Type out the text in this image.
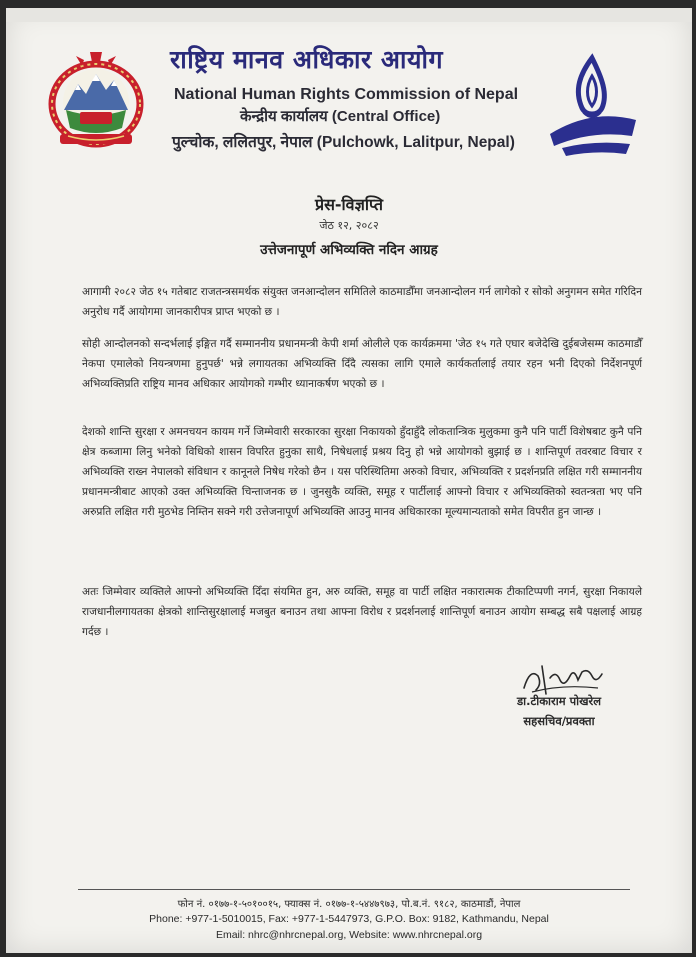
राष्ट्रिय मानव अधिकार आयोग
National Human Rights Commission of Nepal
केन्द्रीय कार्यालय (Central Office)
पुल्चोक, ललितपुर, नेपाल (Pulchowk, Lalitpur, Nepal)
प्रेस-विज्ञप्ति
जेठ १२, २०८२
उत्तेजनापूर्ण अभिव्यक्ति नदिन आग्रह

आगामी २०८२ जेठ १५ गतेबाट राजतन्त्रसमर्थक संयुक्त जनआन्दोलन समितिले काठमाडौँमा जनआन्दोलन गर्न लागेको र सोको अनुगमन समेत गरिदिन अनुरोध गर्दै आयोगमा जानकारीपत्र प्राप्त भएको छ ।

सोही आन्दोलनको सन्दर्भलाई इङ्गित गर्दै सम्माननीय प्रधानमन्त्री केपी शर्मा ओलीले एक कार्यक्रममा 'जेठ १५ गते एघार बजेदेखि दुईबजेसम्म काठमाडौँ नेकपा एमालेको नियन्त्रणमा हुनुपर्छ' भन्ने लगायतका अभिव्यक्ति दिँदै त्यसका लागि एमाले कार्यकर्तालाई तयार रहन भनी दिएको निर्देशनपूर्ण अभिव्यक्तिप्रति राष्ट्रिय मानव अधिकार आयोगको गम्भीर ध्यानाकर्षण भएको छ ।

देशको शान्ति सुरक्षा र अमनचयन कायम गर्ने जिम्मेवारी सरकारका सुरक्षा निकायको हुँदाहुँदै लोकतान्त्रिक मुलुकमा कुनै पनि पार्टी विशेषबाट कुनै पनि क्षेत्र कब्जामा लिनु भनेको विधिको शासन विपरित हुनुका साथै, निषेधलाई प्रश्रय दिनु हो भन्ने आयोगको बुझाई छ । शान्तिपूर्ण तवरबाट विचार र अभिव्यक्ति राख्न नेपालको संविधान र कानूनले निषेध गरेको छैन । यस परिस्थितिमा अरुको विचार, अभिव्यक्ति र प्रदर्शनप्रति लक्षित गरी सम्माननीय प्रधानमन्त्रीबाट आएको उक्त अभिव्यक्ति चिन्ताजनक छ । जुनसुकै व्यक्ति, समूह र पार्टीलाई आफ्नो विचार र अभिव्यक्तिको स्वतन्त्रता भए पनि अरुप्रति लक्षित गरी मुठभेड निम्तिन सक्ने गरी उत्तेजनापूर्ण अभिव्यक्ति आउनु मानव अधिकारका मूल्यमान्यताको समेत विपरीत हुन जान्छ ।

अतः जिम्मेवार व्यक्तिले आफ्नो अभिव्यक्ति दिँदा संयमित हुन, अरु व्यक्ति, समूह वा पार्टी लक्षित नकारात्मक टीकाटिप्पणी नगर्न, सुरक्षा निकायले राजधानीलगायतका क्षेत्रको शान्तिसुरक्षालाई मजबुत बनाउन तथा आफ्ना विरोध र प्रदर्शनलाई शान्तिपूर्ण बनाउन आयोग सम्बद्ध सबै पक्षलाई आग्रह गर्दछ ।

डा.टीकाराम पोखरेल
सहसचिव/प्रवक्ता
फोन नं. ०१७७-१-५०१००१५, फ्याक्स नं. ०१७७-१-५४४७९७३, पो.ब.नं. ९१८२, काठमाडौं, नेपाल
Phone: +977-1-5010015, Fax: +977-1-5447973, G.P.O. Box: 9182, Kathmandu, Nepal
Email: nhrc@nhrcnepal.org, Website: www.nhrcnepal.org
